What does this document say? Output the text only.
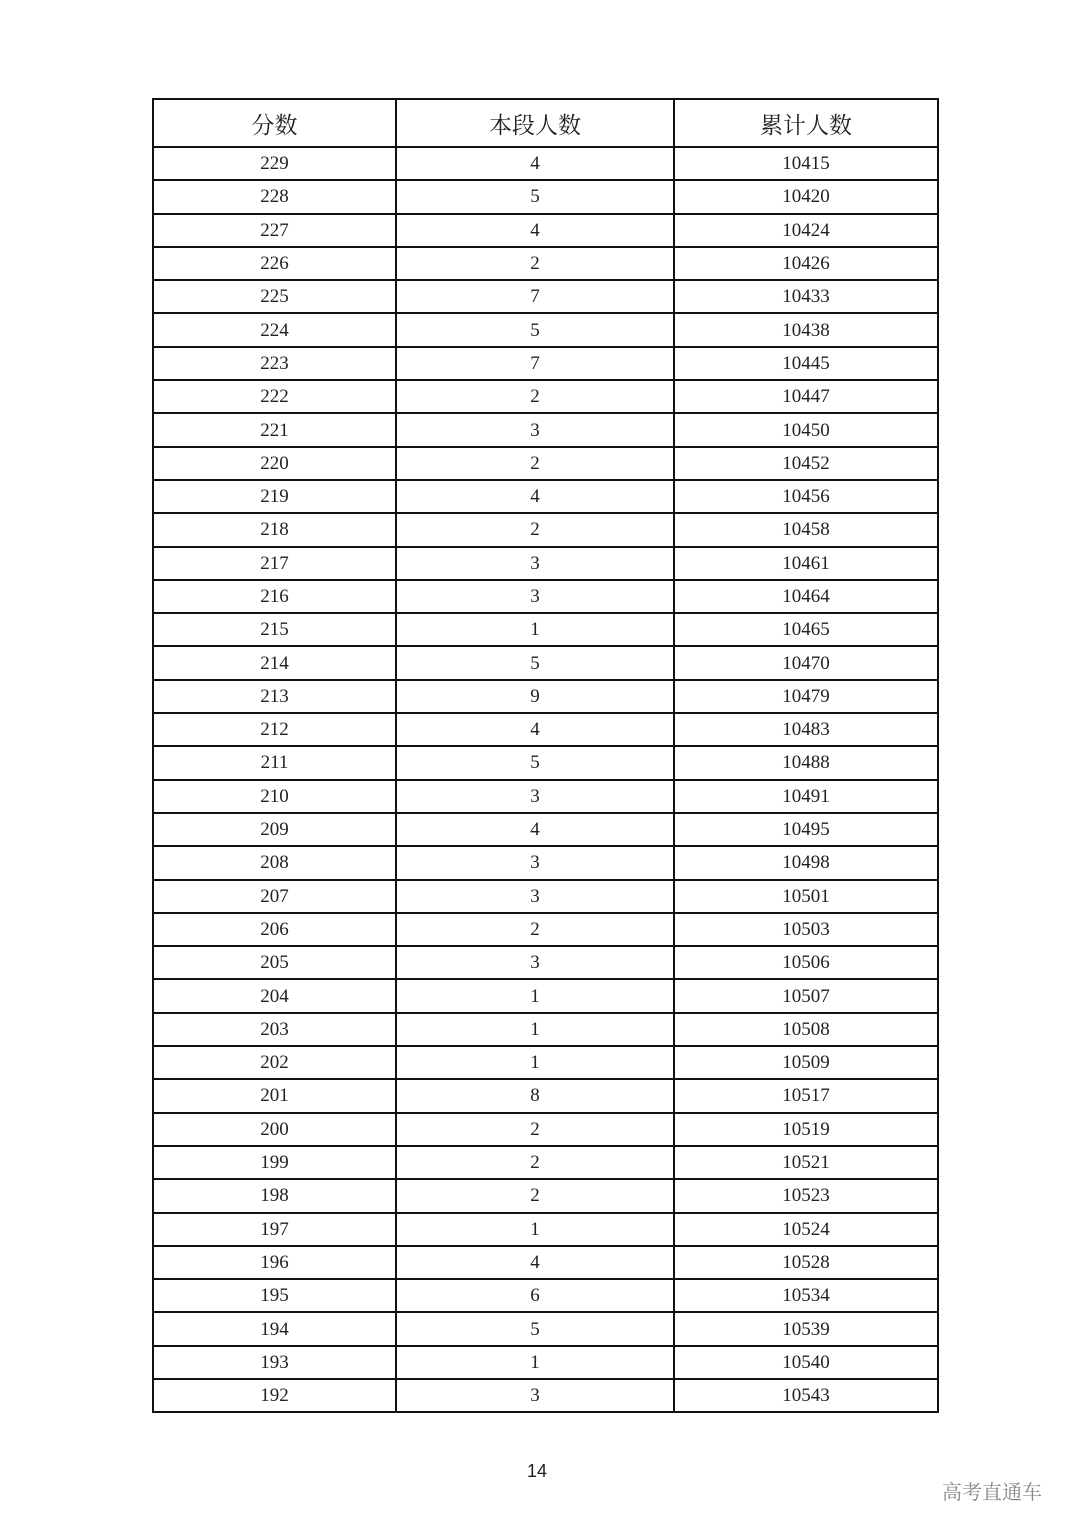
分数	本段人数	累计人数
229	4	10415
228	5	10420
227	4	10424
226	2	10426
225	7	10433
224	5	10438
223	7	10445
222	2	10447
221	3	10450
220	2	10452
219	4	10456
218	2	10458
217	3	10461
216	3	10464
215	1	10465
214	5	10470
213	9	10479
212	4	10483
211	5	10488
210	3	10491
209	4	10495
208	3	10498
207	3	10501
206	2	10503
205	3	10506
204	1	10507
203	1	10508
202	1	10509
201	8	10517
200	2	10519
199	2	10521
198	2	10523
197	1	10524
196	4	10528
195	6	10534
194	5	10539
193	1	10540
192	3	10543
14
高考直通车
